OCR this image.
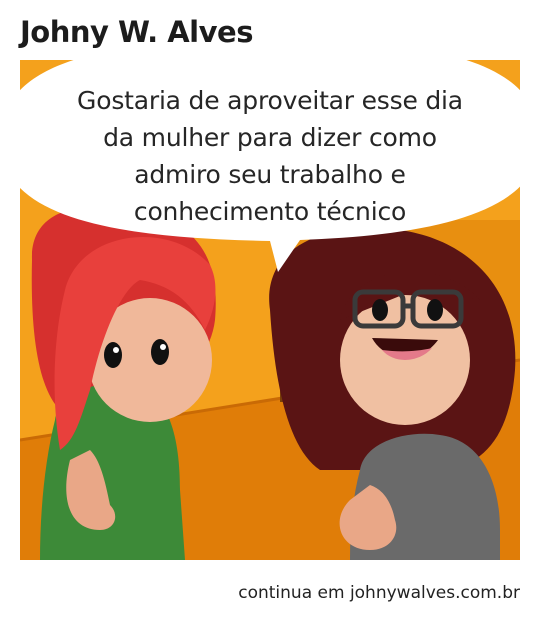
Johny W. Alves
Gostaria de aproveitar esse dia
da mulher para dizer como
admiro seu trabalho e
conhecimento técnico
continua em johnywalves.com.br
